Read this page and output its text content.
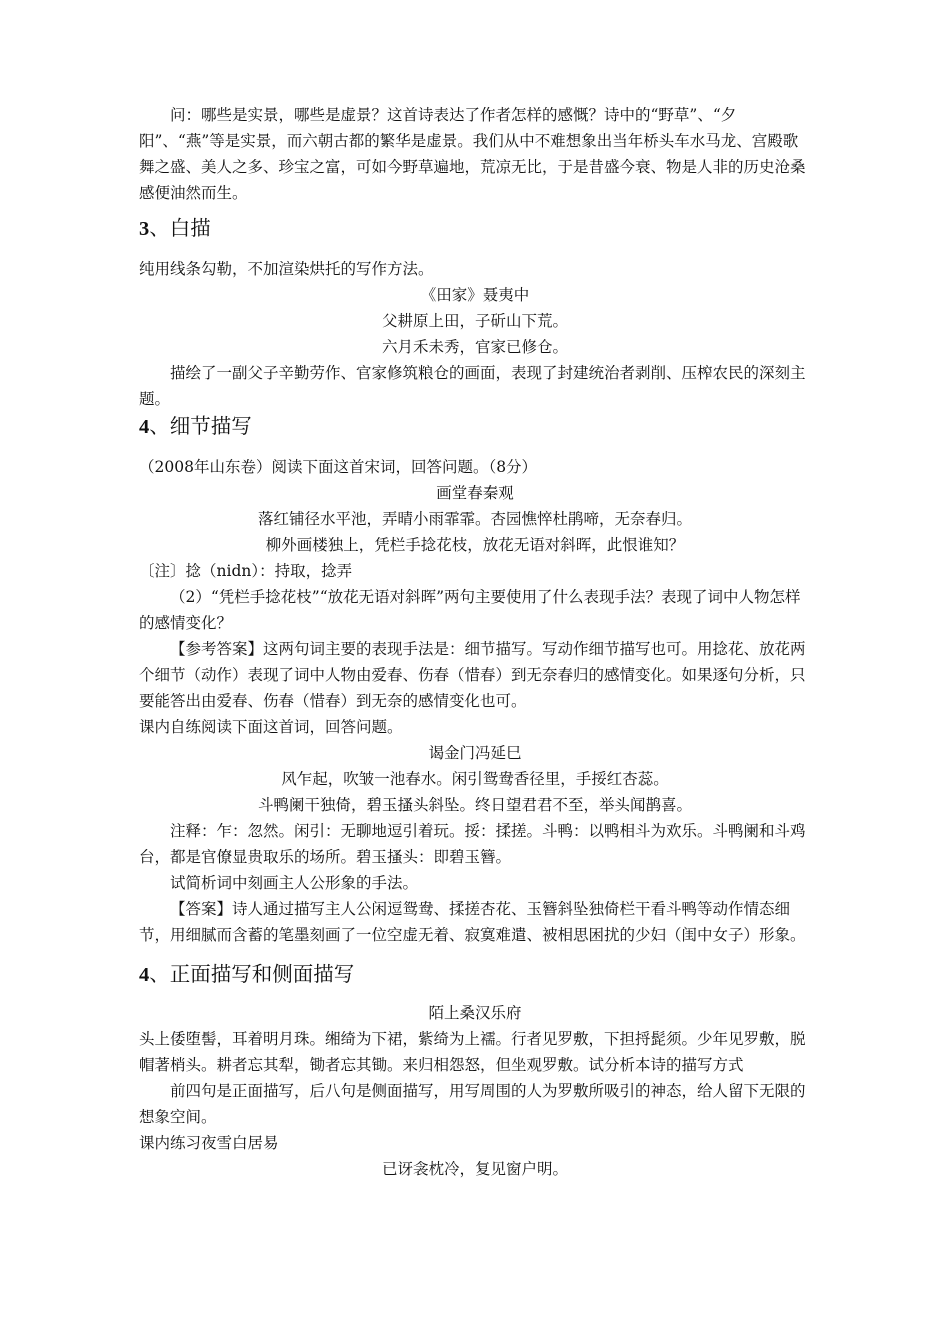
问：哪些是实景，哪些是虚景？这首诗表达了作者怎样的感慨？诗中的“野草”、“夕阳”、“燕”等是实景，而六朝古都的繁华是虚景。我们从中不难想象出当年桥头车水马龙、宫殿歌舞之盛、美人之多、珍宝之富，可如今野草遍地，荒凉无比，于是昔盛今衰、物是人非的历史沧桑感便油然而生。

3、白描

纯用线条勾勒，不加渲染烘托的写作方法。

《田家》聂夷中

父耕原上田，子斫山下荒。

六月禾未秀，官家已修仓。

描绘了一副父子辛勤劳作、官家修筑粮仓的画面，表现了封建统治者剥削、压榨农民的深刻主题。

4、细节描写

（2008年山东卷）阅读下面这首宋词，回答问题。（8分）

画堂春秦观

落红铺径水平池，弄晴小雨霏霏。杏园憔悴杜鹃啼，无奈春归。

柳外画楼独上，凭栏手捻花枝，放花无语对斜晖，此恨谁知？

〔注〕捻（nidn）：持取，捻弄

（2）“凭栏手捻花枝”“放花无语对斜晖”两句主要使用了什么表现手法？表现了词中人物怎样的感情变化？

【参考答案】这两句词主要的表现手法是：细节描写。写动作细节描写也可。用捻花、放花两个细节（动作）表现了词中人物由爱春、伤春（惜春）到无奈春归的感情变化。如果逐句分析，只要能答出由爱春、伤春（惜春）到无奈的感情变化也可。

课内自练阅读下面这首词，回答问题。

谒金门冯延巳

风乍起，吹皱一池春水。闲引鸳鸯香径里，手挼红杏蕊。

斗鸭阑干独倚，碧玉搔头斜坠。终日望君君不至，举头闻鹊喜。

注释：乍：忽然。闲引：无聊地逗引着玩。挼：揉搓。斗鸭：以鸭相斗为欢乐。斗鸭阑和斗鸡台，都是官僚显贵取乐的场所。碧玉搔头：即碧玉簪。

试简析词中刻画主人公形象的手法。

【答案】诗人通过描写主人公闲逗鸳鸯、揉搓杏花、玉簪斜坠独倚栏干看斗鸭等动作情态细节，用细腻而含蓄的笔墨刻画了一位空虚无着、寂寞难遣、被相思困扰的少妇（闺中女子）形象。

4、正面描写和侧面描写

陌上桑汉乐府

头上倭堕髻，耳着明月珠。缃绮为下裙，紫绮为上襦。行者见罗敷，下担捋髭须。少年见罗敷，脱帽著梢头。耕者忘其犁，锄者忘其锄。来归相怨怒，但坐观罗敷。试分析本诗的描写方式

前四句是正面描写，后八句是侧面描写，用写周围的人为罗敷所吸引的神态，给人留下无限的想象空间。

课内练习夜雪白居易

已讶衾枕冷，复见窗户明。
